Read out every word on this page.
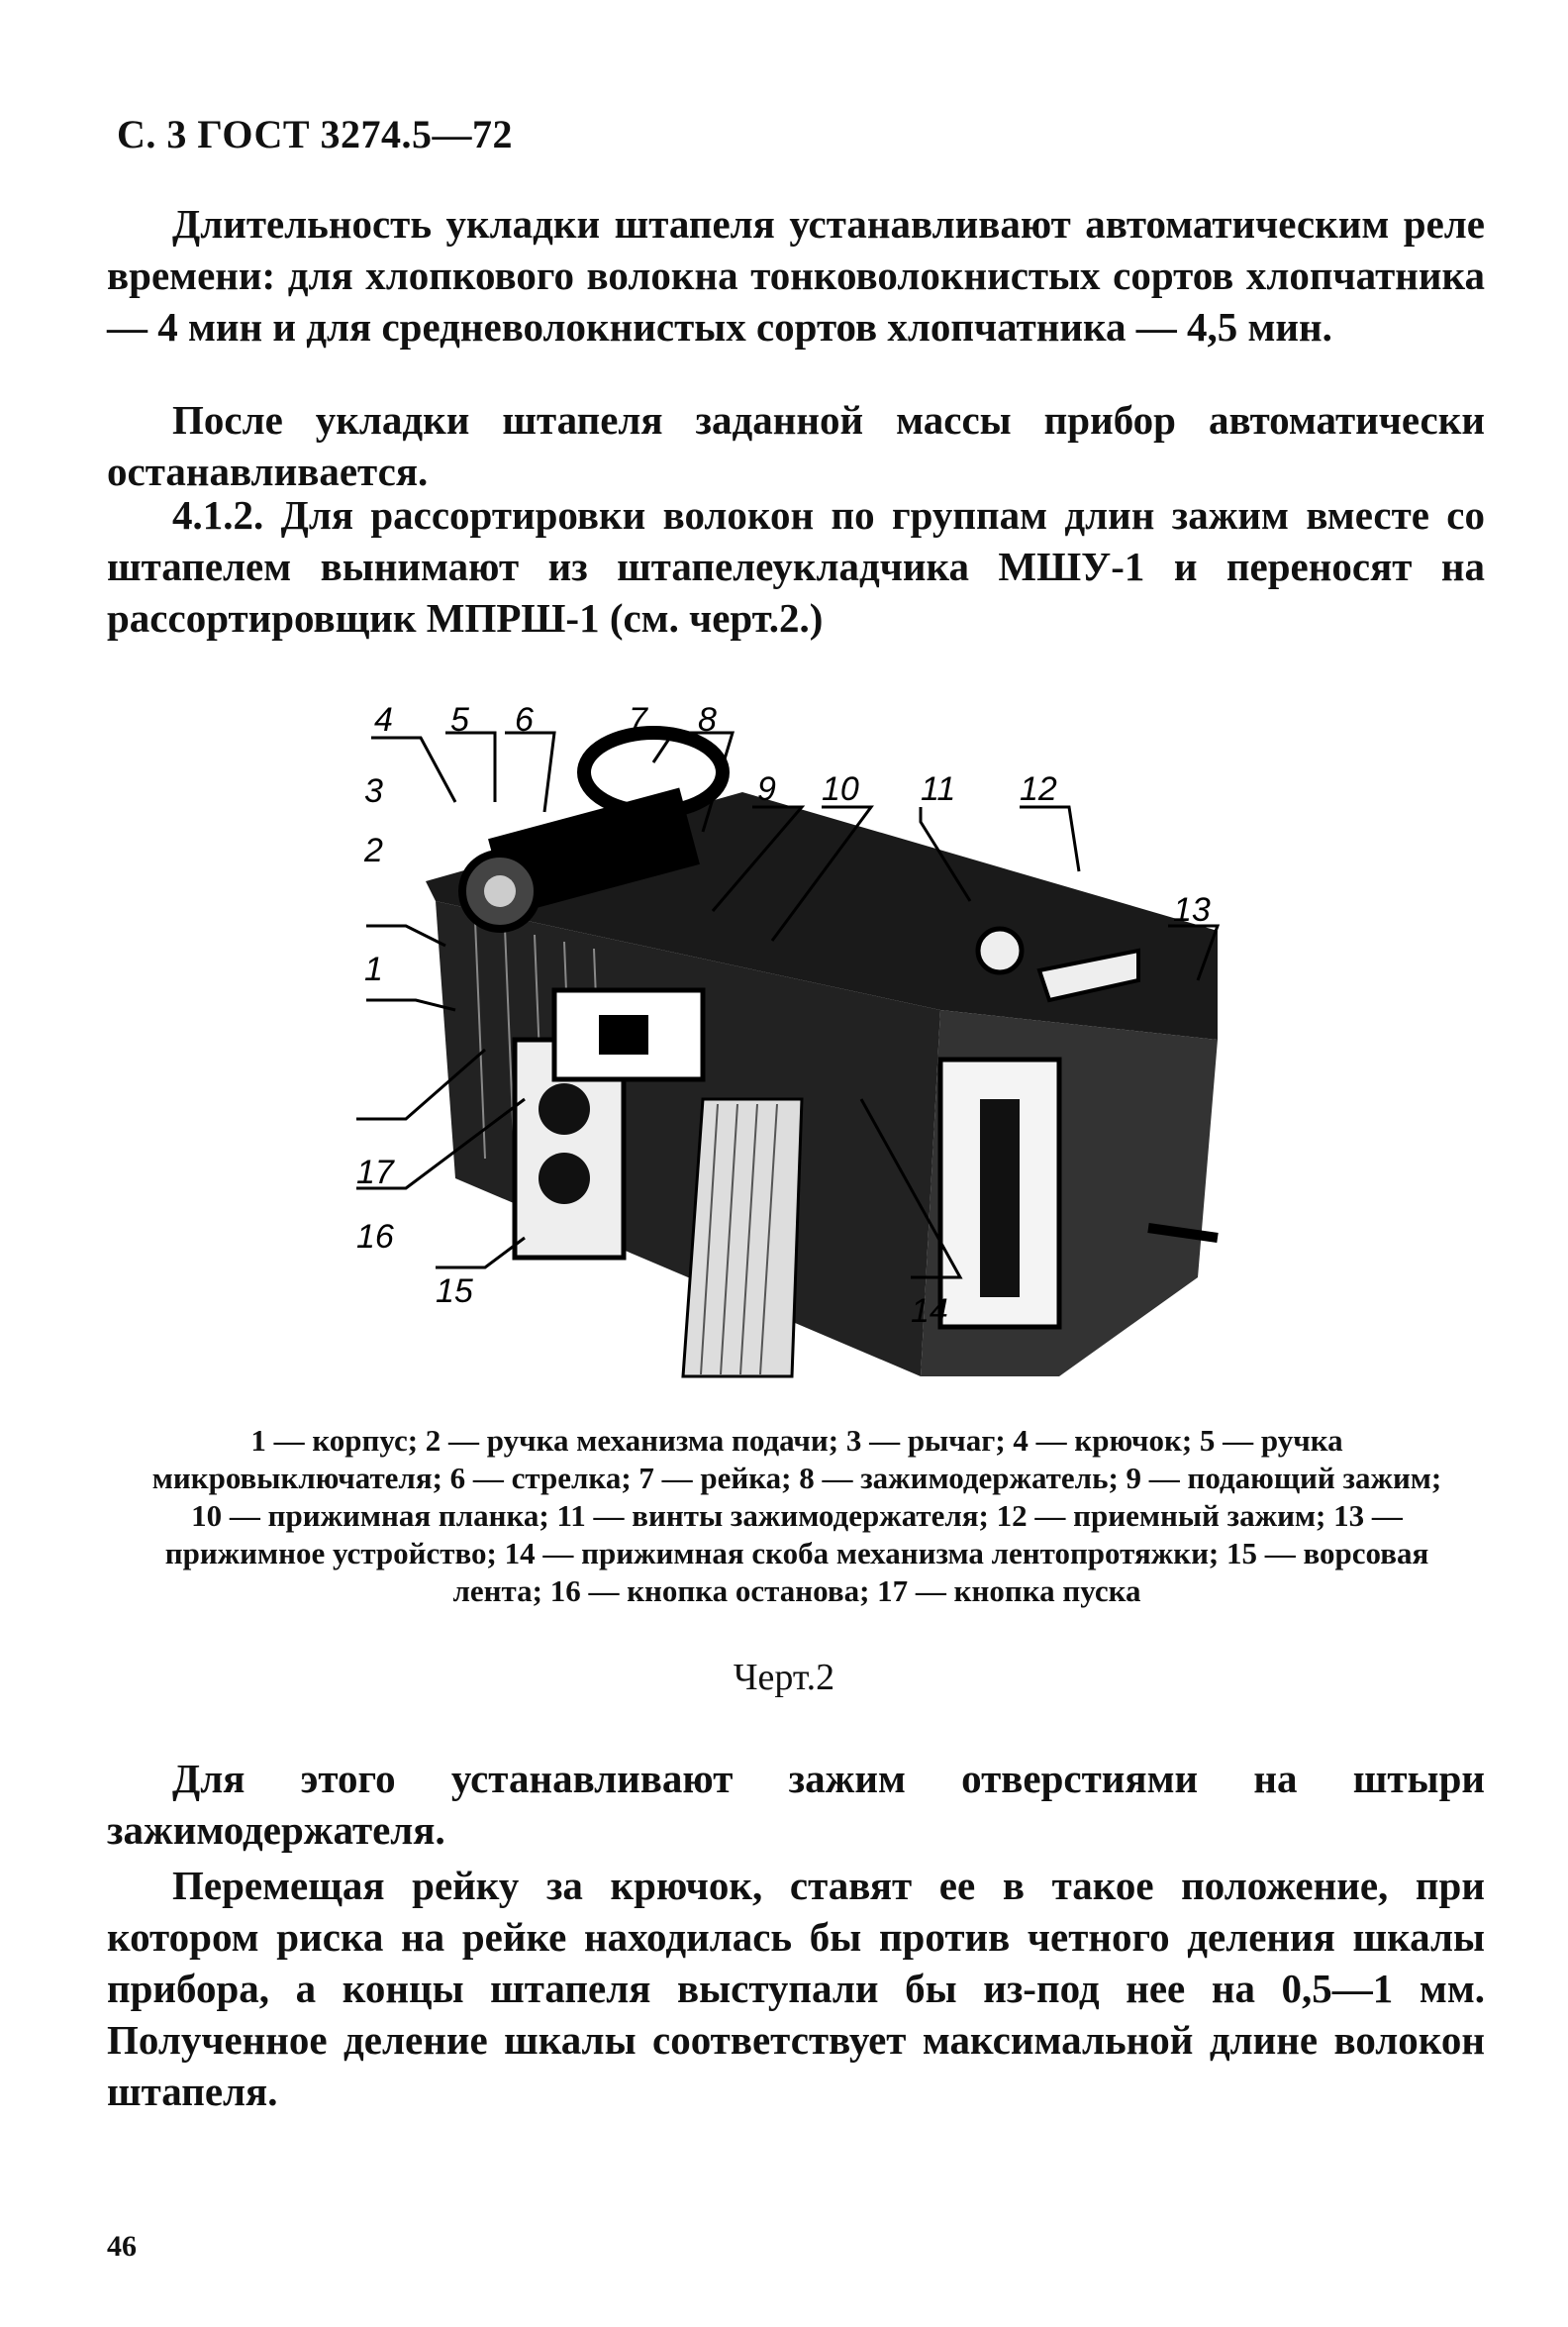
С. 3 ГОСТ 3274.5—72

Длительность укладки штапеля устанавливают автоматическим реле времени: для хлопкового волокна тонковолокнистых сортов хлопчатника — 4 мин и для средневолокнистых сортов хлопчатника — 4,5 мин.

После укладки штапеля заданной массы прибор автоматически останавливается.

4.1.2. Для рассортировки волокон по группам длин зажим вместе со штапелем вынимают из штапелеукладчика МШУ-1 и переносят на рассортировщик МПРШ-1 (см. черт.2.)

4 5 6	7 8
3
2
9 10 11 12
13
1
17
16
15
14
1 — корпус; 2 — ручка механизма подачи; 3 — рычаг; 4 — крючок; 5 — ручка микровыключателя; 6 — стрелка; 7 — рейка; 8 — зажимодержатель; 9 — подающий зажим; 10 — прижимная планка; 11 — винты зажимодержателя; 12 — приемный зажим; 13 — прижимное устройство; 14 — прижимная скоба механизма лентопротяжки; 15 — ворсовая лента; 16 — кнопка останова; 17 — кнопка пуска
Черт.2

Для этого устанавливают зажим отверстиями на штыри зажимодержателя.

Перемещая рейку за крючок, ставят ее в такое положение, при котором риска на рейке находилась бы против четного деления шкалы прибора, а концы штапеля выступали бы из-под нее на 0,5—1 мм. Полученное деление шкалы соответствует максимальной длине волокон штапеля.

46
